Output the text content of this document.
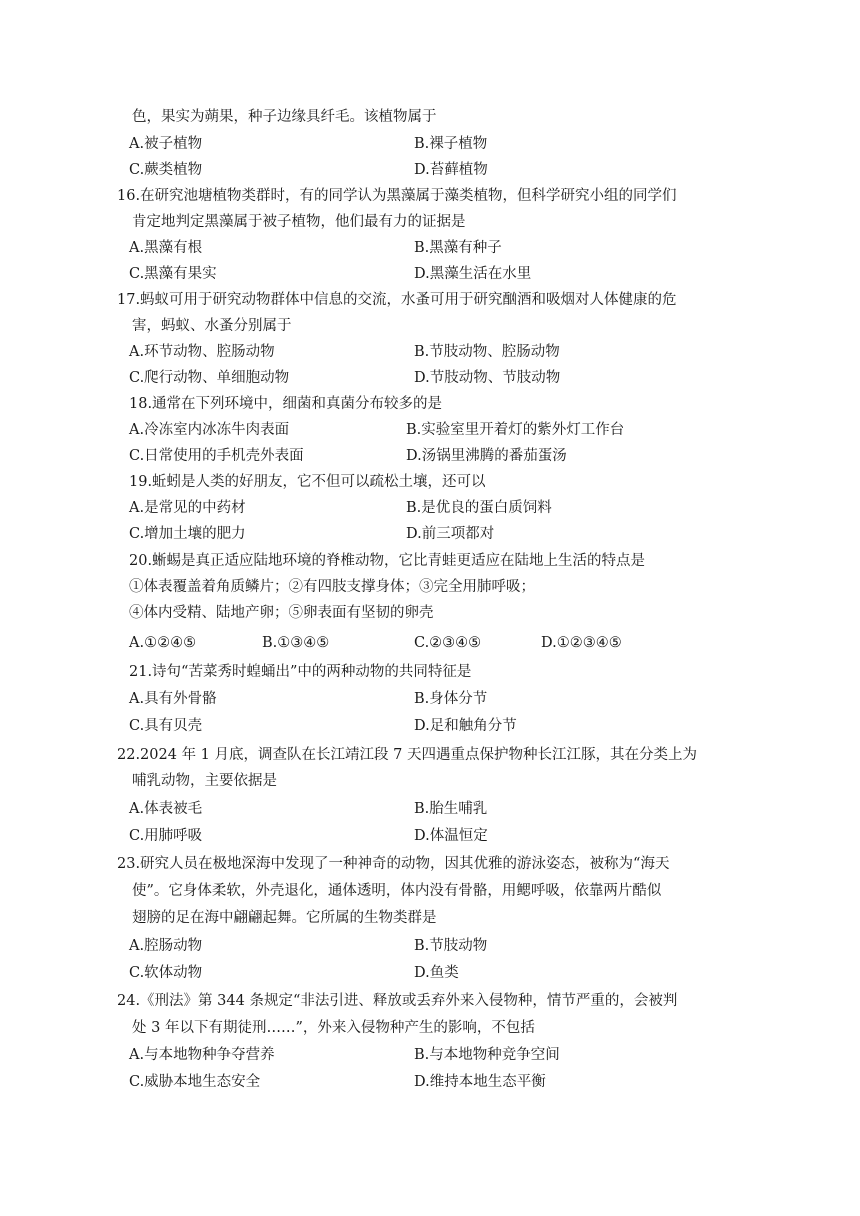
色，果实为蒴果，种子边缘具纤毛。该植物属于
A.被子植物	B.裸子植物
C.蕨类植物	D.苔藓植物
16.在研究池塘植物类群时，有的同学认为黑藻属于藻类植物，但科学研究小组的同学们
肯定地判定黑藻属于被子植物，他们最有力的证据是
A.黑藻有根	B.黑藻有种子
C.黑藻有果实	D.黑藻生活在水里
17.蚂蚁可用于研究动物群体中信息的交流，水蚤可用于研究酗酒和吸烟对人体健康的危
害，蚂蚁、水蚤分别属于
A.环节动物、腔肠动物	B.节肢动物、腔肠动物
C.爬行动物、单细胞动物	D.节肢动物、节肢动物
18.通常在下列环境中，细菌和真菌分布较多的是
A.冷冻室内冰冻牛肉表面	B.实验室里开着灯的紫外灯工作台
C.日常使用的手机壳外表面	D.汤锅里沸腾的番茄蛋汤
19.蚯蚓是人类的好朋友，它不但可以疏松土壤，还可以
A.是常见的中药材	B.是优良的蛋白质饲料
C.增加土壤的肥力	D.前三项都对
20.蜥蜴是真正适应陆地环境的脊椎动物，它比青蛙更适应在陆地上生活的特点是
①体表覆盖着角质鳞片；②有四肢支撑身体；③完全用肺呼吸；
④体内受精、陆地产卵；⑤卵表面有坚韧的卵壳
A.①②④⑤	B.①③④⑤	C.②③④⑤	D.①②③④⑤
21.诗句“苦菜秀时蝗蛹出”中的两种动物的共同特征是
A.具有外骨骼	B.身体分节
C.具有贝壳	D.足和触角分节
22.2024 年 1 月底，调查队在长江靖江段 7 天四遇重点保护物种长江江豚，其在分类上为
哺乳动物，主要依据是
A.体表被毛	B.胎生哺乳
C.用肺呼吸	D.体温恒定
23.研究人员在极地深海中发现了一种神奇的动物，因其优雅的游泳姿态，被称为“海天
使”。它身体柔软，外壳退化，通体透明，体内没有骨骼，用鳃呼吸，依靠两片酷似
翅膀的足在海中翩翩起舞。它所属的生物类群是
A.腔肠动物	B.节肢动物
C.软体动物	D.鱼类
24.《刑法》第 344 条规定“非法引进、释放或丢弃外来入侵物种，情节严重的，会被判
处 3 年以下有期徒刑……”，外来入侵物种产生的影响，不包括
A.与本地物种争夺营养	B.与本地物种竞争空间
C.威胁本地生态安全	D.维持本地生态平衡
